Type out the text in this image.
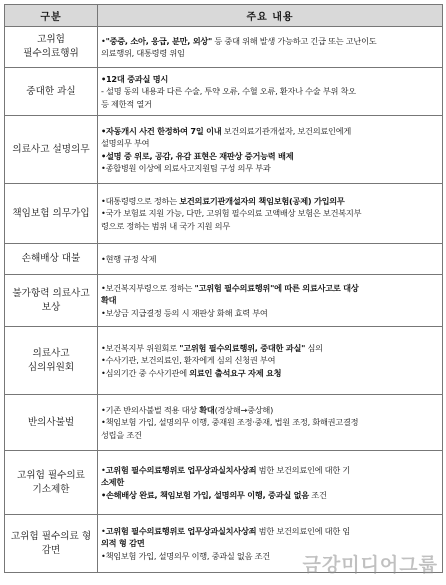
구분	주요 내용
고위험 필수의료행위	•"중증, 소아, 응급, 분만, 외상" 등 중대 위해 발생 가능하고 긴급 또는 고난이도
의료행위, 대통령령 위임

중대한 과실	•12대 중과실 명시
- 설명 동의 내용과 다른 수술, 투약 오류, 수혈 오류, 환자나 수술 부위 착오
등 제한적 열거

의료사고 설명의무	•자동개시 사건 한정하여 7일 이내 보건의료기관개설자, 보건의료인에게
설명의무 부여
•설명 중 위로, 공감, 유감 표현은 재판상 증거능력 배제
•종합병원 이상에 의료사고지원팀 구성 의무 부과

책임보험 의무가입	•대통령령으로 정하는 보건의료기관개설자의 책임보험(공제) 가입의무
•국가 보험료 지원 가능, 다만, 고위험 필수의료 고액배상 보험은 보건복지부
령으로 정하는 범위 내 국가 지원 의무

손해배상 대불	•현행 규정 삭제

불가항력 의료사고 보상	•보건복지부령으로 정하는 "고위험 필수의료행위"에 따른 의료사고로 대상
확대
•보상금 지급결정 등의 시 재판상 화해 효력 부여

의료사고 심의위원회	•보건복지부 위원회로 "고위험 필수의료행위, 중대한 과실" 심의
•수사기관, 보건의료인, 환자에게 심의 신청권 부여
•심의기간 중 수사기관에 의료인 출석요구 자제 요청

반의사불벌	•기존 반의사불벌 적용 대상 확대(경상해→중상해)
•책임보험 가입, 설명의무 이행, 중재원 조정·중재, 법원 조정, 화해권고결정
성립을 조건

고위험 필수의료 기소제한	•고위험 필수의료행위로 업무상과실치사상죄 범한 보건의료인에 대한 기
소제한
•손해배상 완료, 책임보험 가입, 설명의무 이행, 중과실 없음 조건

고위험 필수의료 형 감면	•고위험 필수의료행위로 업무상과실치사상죄 범한 보건의료인에 대한 임
의적 형 감면
•책임보험 가입, 설명의무 이행, 중과실 없음 조건	금강미디어그룹
